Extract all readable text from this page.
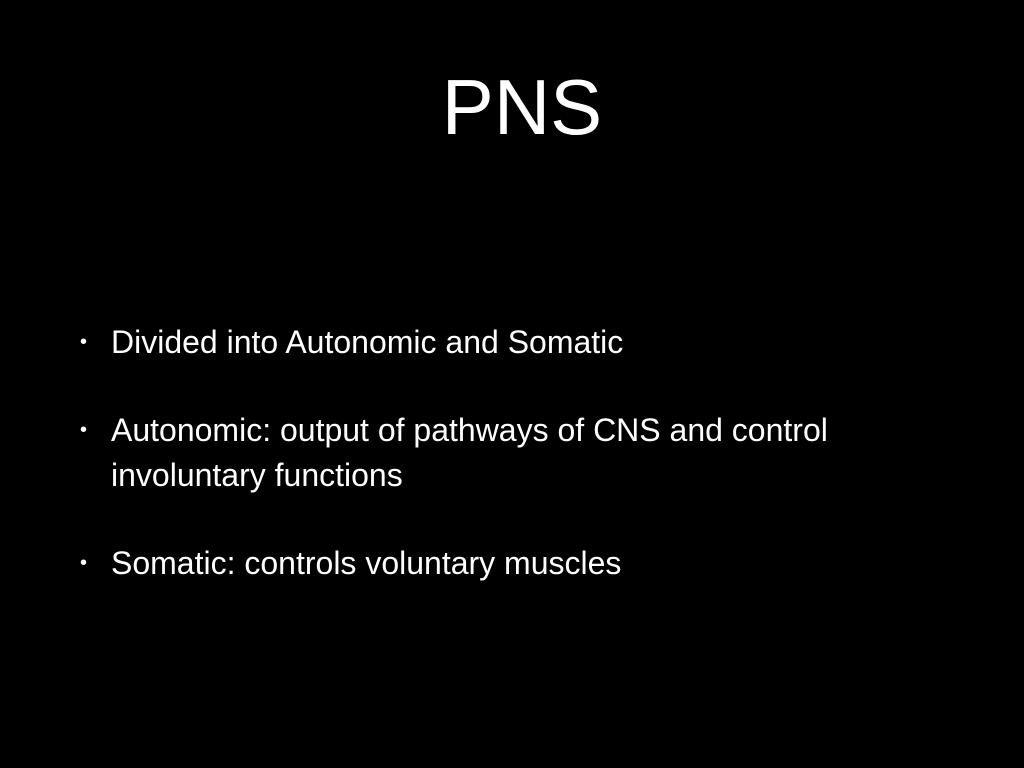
PNS
• Divided into Autonomic and Somatic
• Autonomic: output of pathways of CNS and control involuntary functions
• Somatic: controls voluntary muscles
